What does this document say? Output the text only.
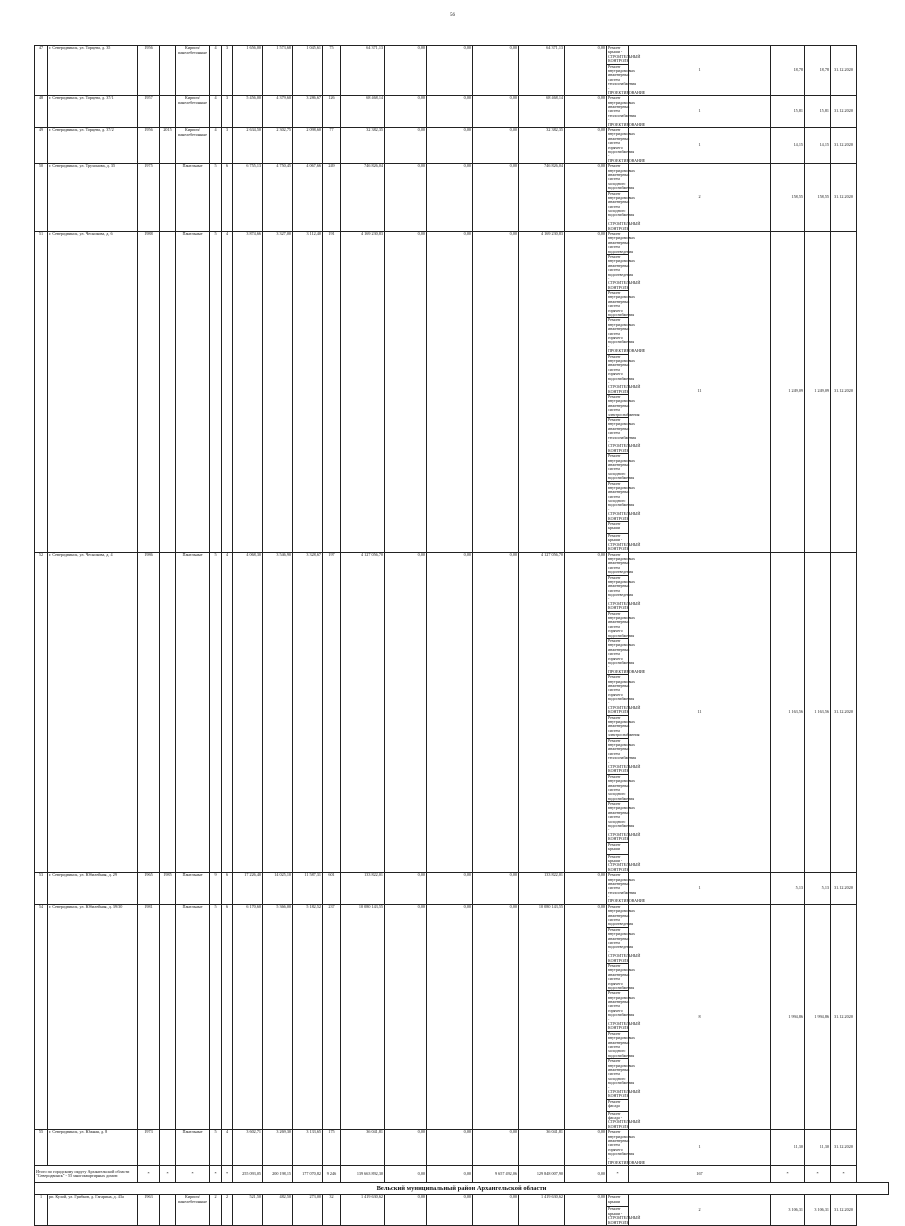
56
47	г. Северодвинск, ул. Торцева, д. 35	1956		Кирпич/ панелебетонные	4	3	1 656,00	1 573,68	1 045,61	75	64 371,13	0,00	0,00	0,00	64 371,13	0,00	Ремонт крыши - СТРОИТЕЛЬНЫЙ КОНТРОЛЬ	1	18,78	18,78	31.12.2020
																	Ремонт внутридомовых инженерных систем теплоснабжения - ПРОЕКТИРОВАНИЕ				
48	г. Северодвинск, ул. Торцева, д. 37/1	1957		Кирпич/ панелебетонные	4	3	5 456,00	4 379,60	3 286,67	126	68 468,14	0,00	0,00	0,00	68 468,14	0,00	Ремонт внутридомовых инженерных систем теплоснабжения - ПРОЕКТИРОВАНИЕ	1	15,81	15,81	31.12.2020
49	г. Северодвинск, ул. Торцева, д. 37/2	1956	2015	Кирпич/ панелебетонные	4	3	2 634,50	2 302,75	2 098,60	77	32 382,35	0,00	0,00	0,00	32 382,35	0,00	Ремонт внутридомовых инженерных систем горячего водоснабжения - ПРОЕКТИРОВАНИЕ	1	14,15	14,15	31.12.2020
50	г. Северодвинск, ул. Трухинова, д. 35	1975		Панельные	5	6	6 755,13	4 750,45	4 067,66	249	746 826,04	0,00	0,00	0,00	746 826,04	0,00	Ремонт внутридомовых инженерных систем холодного водоснабжения	2	158,55	158,55	31.12.2020
																	Ремонт внутридомовых инженерных систем холодного водоснабжения - СТРОИТЕЛЬНЫЙ КОНТРОЛЬ				
51	г. Северодвинск, ул. Чеснокова, д. 6	1988		Панельные	5	4	3 874,66	3 327,00	3 112,40	191	4 169 230,83	0,00	0,00	0,00	4 169 230,83	0,00	Ремонт внутридомовых инженерных систем водоотведения	11	1 249,09	1 249,09	31.12.2020
																	Ремонт внутридомовых инженерных систем водоотведения - СТРОИТЕЛЬНЫЙ КОНТРОЛЬ				
																	Ремонт внутридомовых инженерных систем горячего водоснабжения				
																	Ремонт внутридомовых инженерных систем горячего водоснабжения - ПРОЕКТИРОВАНИЕ				
																	Ремонт внутридомовых инженерных систем горячего водоснабжения - СТРОИТЕЛЬНЫЙ КОНТРОЛЬ				
																	Ремонт внутридомовых инженерных систем электроснабжения				
																	Ремонт внутридомовых инженерных систем теплоснабжения - СТРОИТЕЛЬНЫЙ КОНТРОЛЬ				
																	Ремонт внутридомовых инженерных систем холодного водоснабжения				
																	Ремонт внутридомовых инженерных систем холодного водоснабжения - СТРОИТЕЛЬНЫЙ КОНТРОЛЬ				
																	Ремонт крыши				
																	Ремонт крыши - СТРОИТЕЛЬНЫЙ КОНТРОЛЬ				
52	г. Северодвинск, ул. Чеснокова, д. 4	1986		Панельные	5	4	4 068,30	3 546,90	3 328,67	197	4 127 056,70	0,00	0,00	0,00	4 127 056,70	0,00	Ремонт внутридомовых инженерных систем водоотведения	11	1 163,56	1 163,56	31.12.2020
																	Ремонт внутридомовых инженерных систем водоотведения - СТРОИТЕЛЬНЫЙ КОНТРОЛЬ				
																	Ремонт внутридомовых инженерных систем горячего водоснабжения				
																	Ремонт внутридомовых инженерных систем горячего водоснабжения - ПРОЕКТИРОВАНИЕ				
																	Ремонт внутридомовых инженерных систем горячего водоснабжения - СТРОИТЕЛЬНЫЙ КОНТРОЛЬ				
																	Ремонт внутридомовых инженерных систем электроснабжения				
																	Ремонт внутридомовых инженерных систем теплоснабжения - СТРОИТЕЛЬНЫЙ КОНТРОЛЬ				
																	Ремонт внутридомовых инженерных систем холодного водоснабжения				
																	Ремонт внутридомовых инженерных систем холодного водоснабжения - СТРОИТЕЛЬНЫЙ КОНТРОЛЬ				
																	Ремонт крыши				
																	Ремонт крыши - СТРОИТЕЛЬНЫЙ КОНТРОЛЬ				
53	г. Северодвинск, ул. Юбилейная, д. 29	1965	1985	Панельные	9	6	17 226,40	14 025,10	11 587,31	601	133 822,01	0,00	0,00	0,00	133 822,01	0,00	Ремонт внутридомовых инженерных систем теплоснабжения - ПРОЕКТИРОВАНИЕ	1	5,13	5,13	31.12.2020
54	г. Северодвинск, ул. Юбилейная, д. 39/30	1981		Панельные	5	6	6 170,60	5 366,00	5 182,52	237	10 080 143,55	0,00	0,00	0,00	10 080 143,55	0,00	Ремонт внутридомовых инженерных систем водоотведения	8	1 994,86	1 994,86	31.12.2020
																	Ремонт внутридомовых инженерных систем водоотведения - СТРОИТЕЛЬНЫЙ КОНТРОЛЬ				
																	Ремонт внутридомовых инженерных систем горячего водоснабжения				
																	Ремонт внутридомовых инженерных систем горячего водоснабжения - СТРОИТЕЛЬНЫЙ КОНТРОЛЬ				
																	Ремонт внутридомовых инженерных систем холодного водоснабжения				
																	Ремонт внутридомовых инженерных систем холодного водоснабжения - СТРОИТЕЛЬНЫЙ КОНТРОЛЬ				
																	Ремонт фасада				
																	Ремонт фасада - СТРОИТЕЛЬНЫЙ КОНТРОЛЬ				
55	г. Северодвинск, ул. Южная, д. 8	1973		Панельные	5	4	3 602,71	3 269,30	3 133,65	175	36 041,81	0,00	0,00	0,00	36 041,81	0,00	Ремонт внутридомовых инженерных систем горячего водоснабжения - ПРОЕКТИРОВАНИЕ	1	11,30	11,30	31.12.2020
Итого по городскому округу Архангельской области "Северодвинск" - 55 многоквартирных домов:		*	*	*	*	*	255 093,05	200 198,15	177 070,82	9 246	139 663 892,30	0,00	0,00	9 657 492,06	129 848 007,90	0,00	*	167	*	*	*
Вельский муниципальный район Архангельской области																					
1	рп. Кулой, ул. Грибков, д. Гагарина, д. 43а	1963		Кирпич/ панелебетонные	2	2	521,50	482,50	273,00	32	1 419 630,62	0,00	0,00	0,00	1 419 630,62	0,00	Ремонт крыши	2	3 106,31	3 106,31	31.12.2020
																	Ремонт крыши - СТРОИТЕЛЬНЫЙ КОНТРОЛЬ				
